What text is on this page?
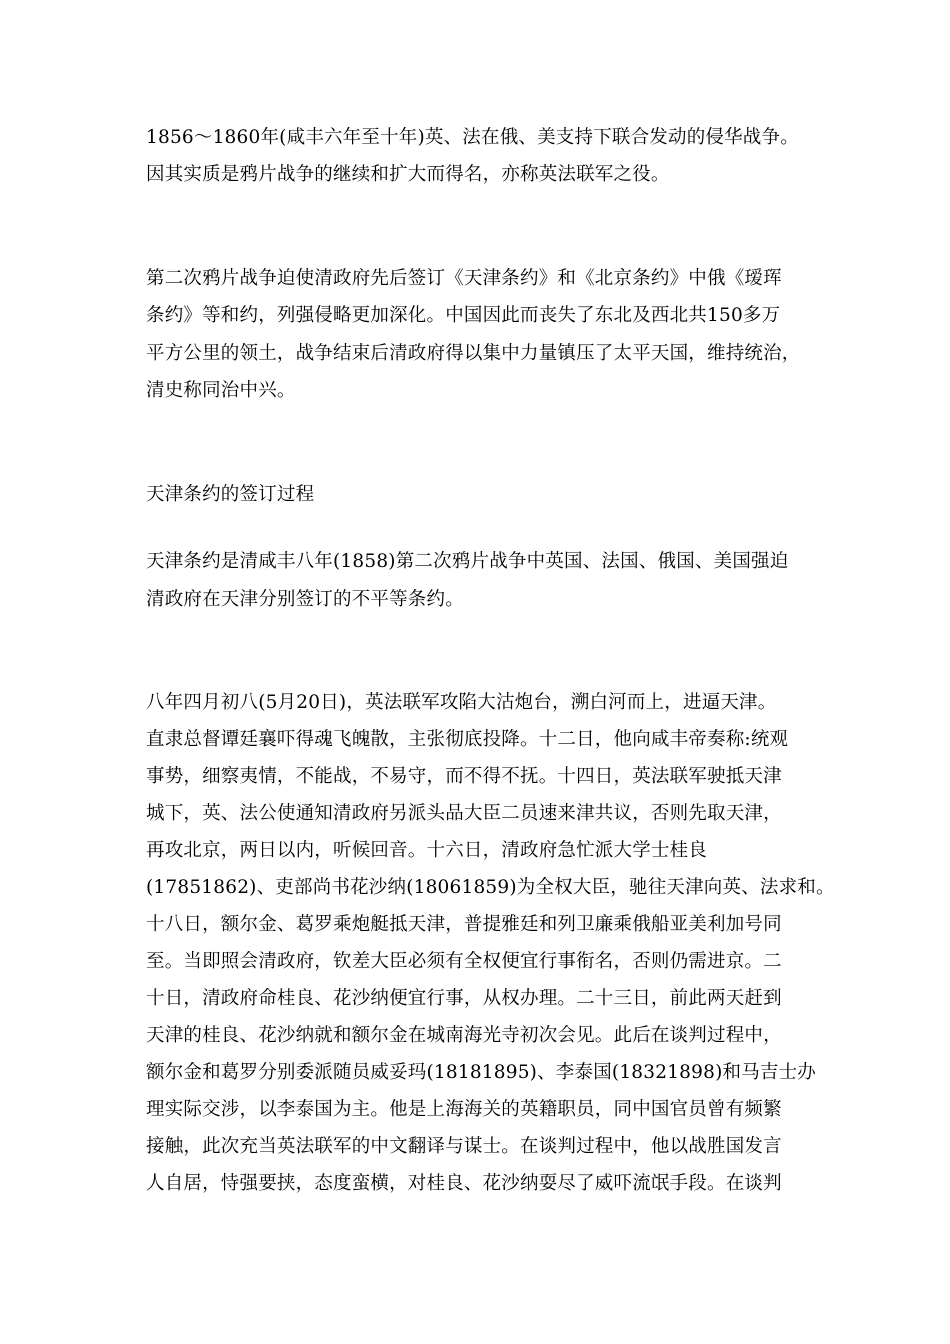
1856～1860年(咸丰六年至十年)英、法在俄、美支持下联合发动的侵华战争。
因其实质是鸦片战争的继续和扩大而得名，亦称英法联军之役。
第二次鸦片战争迫使清政府先后签订《天津条约》和《北京条约》中俄《瑷珲
条约》等和约，列强侵略更加深化。中国因此而丧失了东北及西北共150多万
平方公里的领土，战争结束后清政府得以集中力量镇压了太平天国，维持统治，
清史称同治中兴。
天津条约的签订过程
天津条约是清咸丰八年(1858)第二次鸦片战争中英国、法国、俄国、美国强迫
清政府在天津分别签订的不平等条约。
八年四月初八(5月20日)，英法联军攻陷大沽炮台，溯白河而上，进逼天津。
直隶总督谭廷襄吓得魂飞魄散，主张彻底投降。十二日，他向咸丰帝奏称:统观
事势，细察夷情，不能战，不易守，而不得不抚。十四日，英法联军驶抵天津
城下，英、法公使通知清政府另派头品大臣二员速来津共议，否则先取天津，
再攻北京，两日以内，听候回音。十六日，清政府急忙派大学士桂良
(17851862)、吏部尚书花沙纳(18061859)为全权大臣，驰往天津向英、法求和。
十八日，额尔金、葛罗乘炮艇抵天津，普提雅廷和列卫廉乘俄船亚美利加号同
至。当即照会清政府，钦差大臣必须有全权便宜行事衔名，否则仍需进京。二
十日，清政府命桂良、花沙纳便宜行事，从权办理。二十三日，前此两天赶到
天津的桂良、花沙纳就和额尔金在城南海光寺初次会见。此后在谈判过程中，
额尔金和葛罗分别委派随员威妥玛(18181895)、李泰国(18321898)和马吉士办
理实际交涉，以李泰国为主。他是上海海关的英籍职员，同中国官员曾有频繁
接触，此次充当英法联军的中文翻译与谋士。在谈判过程中，他以战胜国发言
人自居，恃强要挟，态度蛮横，对桂良、花沙纳耍尽了威吓流氓手段。在谈判
